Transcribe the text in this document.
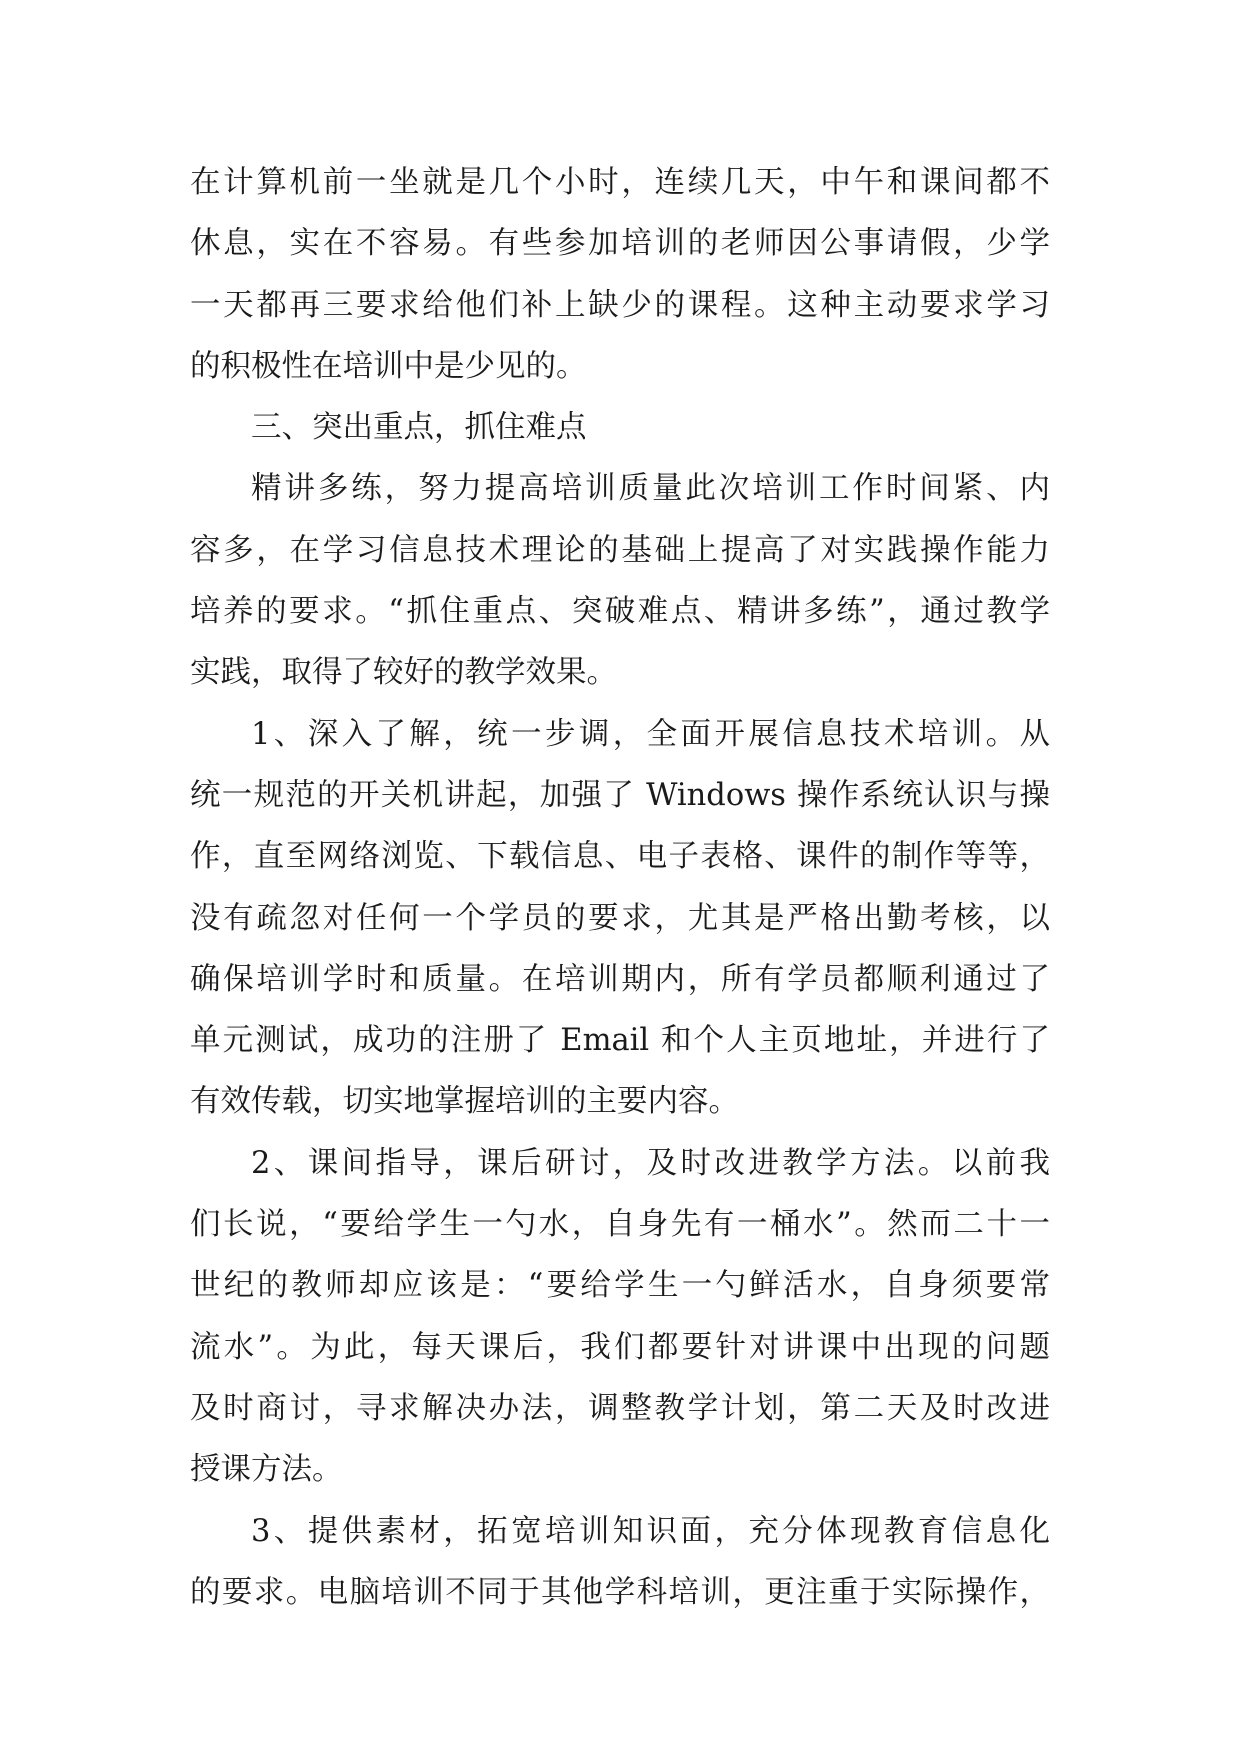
在计算机前一坐就是几个小时，连续几天，中午和课间都不
休息，实在不容易。有些参加培训的老师因公事请假，少学
一天都再三要求给他们补上缺少的课程。这种主动要求学习
的积极性在培训中是少见的。
三、突出重点，抓住难点
精讲多练，努力提高培训质量此次培训工作时间紧、内
容多，在学习信息技术理论的基础上提高了对实践操作能力
培养的要求。“抓住重点、突破难点、精讲多练”，通过教学
实践，取得了较好的教学效果。
1、深入了解，统一步调，全面开展信息技术培训。从
统一规范的开关机讲起，加强了 Windows 操作系统认识与操
作，直至网络浏览、下载信息、电子表格、课件的制作等等，
没有疏忽对任何一个学员的要求，尤其是严格出勤考核，以
确保培训学时和质量。在培训期内，所有学员都顺利通过了
单元测试，成功的注册了 Email 和个人主页地址，并进行了
有效传载，切实地掌握培训的主要内容。
2、课间指导，课后研讨，及时改进教学方法。以前我
们长说，“要给学生一勺水，自身先有一桶水”。然而二十一
世纪的教师却应该是：“要给学生一勺鲜活水，自身须要常
流水”。为此，每天课后，我们都要针对讲课中出现的问题
及时商讨，寻求解决办法，调整教学计划，第二天及时改进
授课方法。
3、提供素材，拓宽培训知识面，充分体现教育信息化
的要求。电脑培训不同于其他学科培训，更注重于实际操作，
